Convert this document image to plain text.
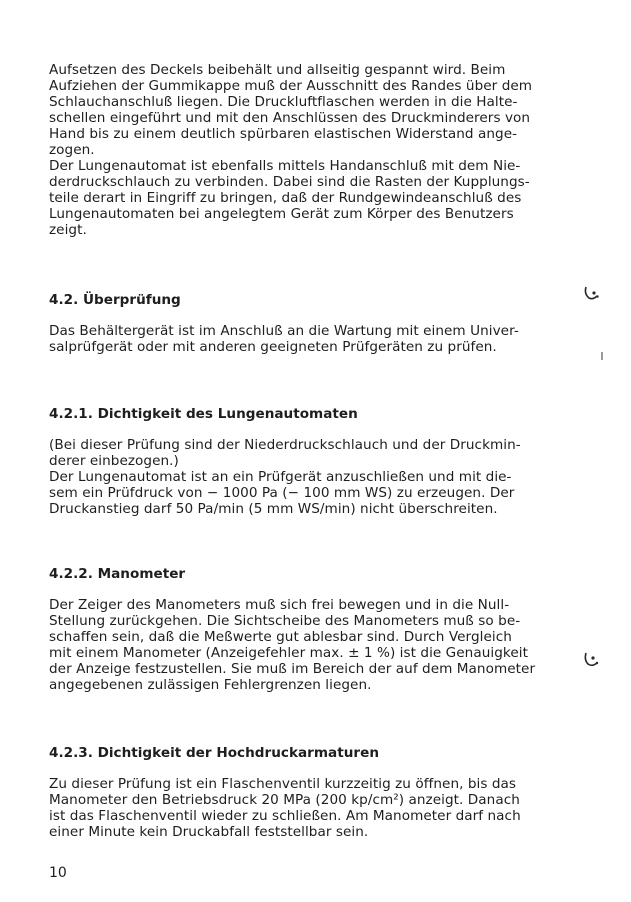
Aufsetzen des Deckels beibehält und allseitig gespannt wird. Beim
Aufziehen der Gummikappe muß der Ausschnitt des Randes über dem
Schlauchanschluß liegen. Die Druckluftflaschen werden in die Halte-
schellen eingeführt und mit den Anschlüssen des Druckminderers von
Hand bis zu einem deutlich spürbaren elastischen Widerstand ange-
zogen.
Der Lungenautomat ist ebenfalls mittels Handanschluß mit dem Nie-
derdruckschlauch zu verbinden. Dabei sind die Rasten der Kupplungs-
teile derart in Eingriff zu bringen, daß der Rundgewindeanschluß des
Lungenautomaten bei angelegtem Gerät zum Körper des Benutzers
zeigt.
4.2. Überprüfung
Das Behältergerät ist im Anschluß an die Wartung mit einem Univer-
salprüfgerät oder mit anderen geeigneten Prüfgeräten zu prüfen.
4.2.1. Dichtigkeit des Lungenautomaten
(Bei dieser Prüfung sind der Niederdruckschlauch und der Druckmin-
derer einbezogen.)
Der Lungenautomat ist an ein Prüfgerät anzuschließen und mit die-
sem ein Prüfdruck von − 1000 Pa (− 100 mm WS) zu erzeugen. Der
Druckanstieg darf 50 Pa/min (5 mm WS/min) nicht überschreiten.
4.2.2. Manometer
Der Zeiger des Manometers muß sich frei bewegen und in die Null-
Stellung zurückgehen. Die Sichtscheibe des Manometers muß so be-
schaffen sein, daß die Meßwerte gut ablesbar sind. Durch Vergleich
mit einem Manometer (Anzeigefehler max. ± 1 %) ist die Genauigkeit
der Anzeige festzustellen. Sie muß im Bereich der auf dem Manometer
angegebenen zulässigen Fehlergrenzen liegen.
4.2.3. Dichtigkeit der Hochdruckarmaturen
Zu dieser Prüfung ist ein Flaschenventil kurzzeitig zu öffnen, bis das
Manometer den Betriebsdruck 20 MPa (200 kp/cm²) anzeigt. Danach
ist das Flaschenventil wieder zu schließen. Am Manometer darf nach
einer Minute kein Druckabfall feststellbar sein.
10
